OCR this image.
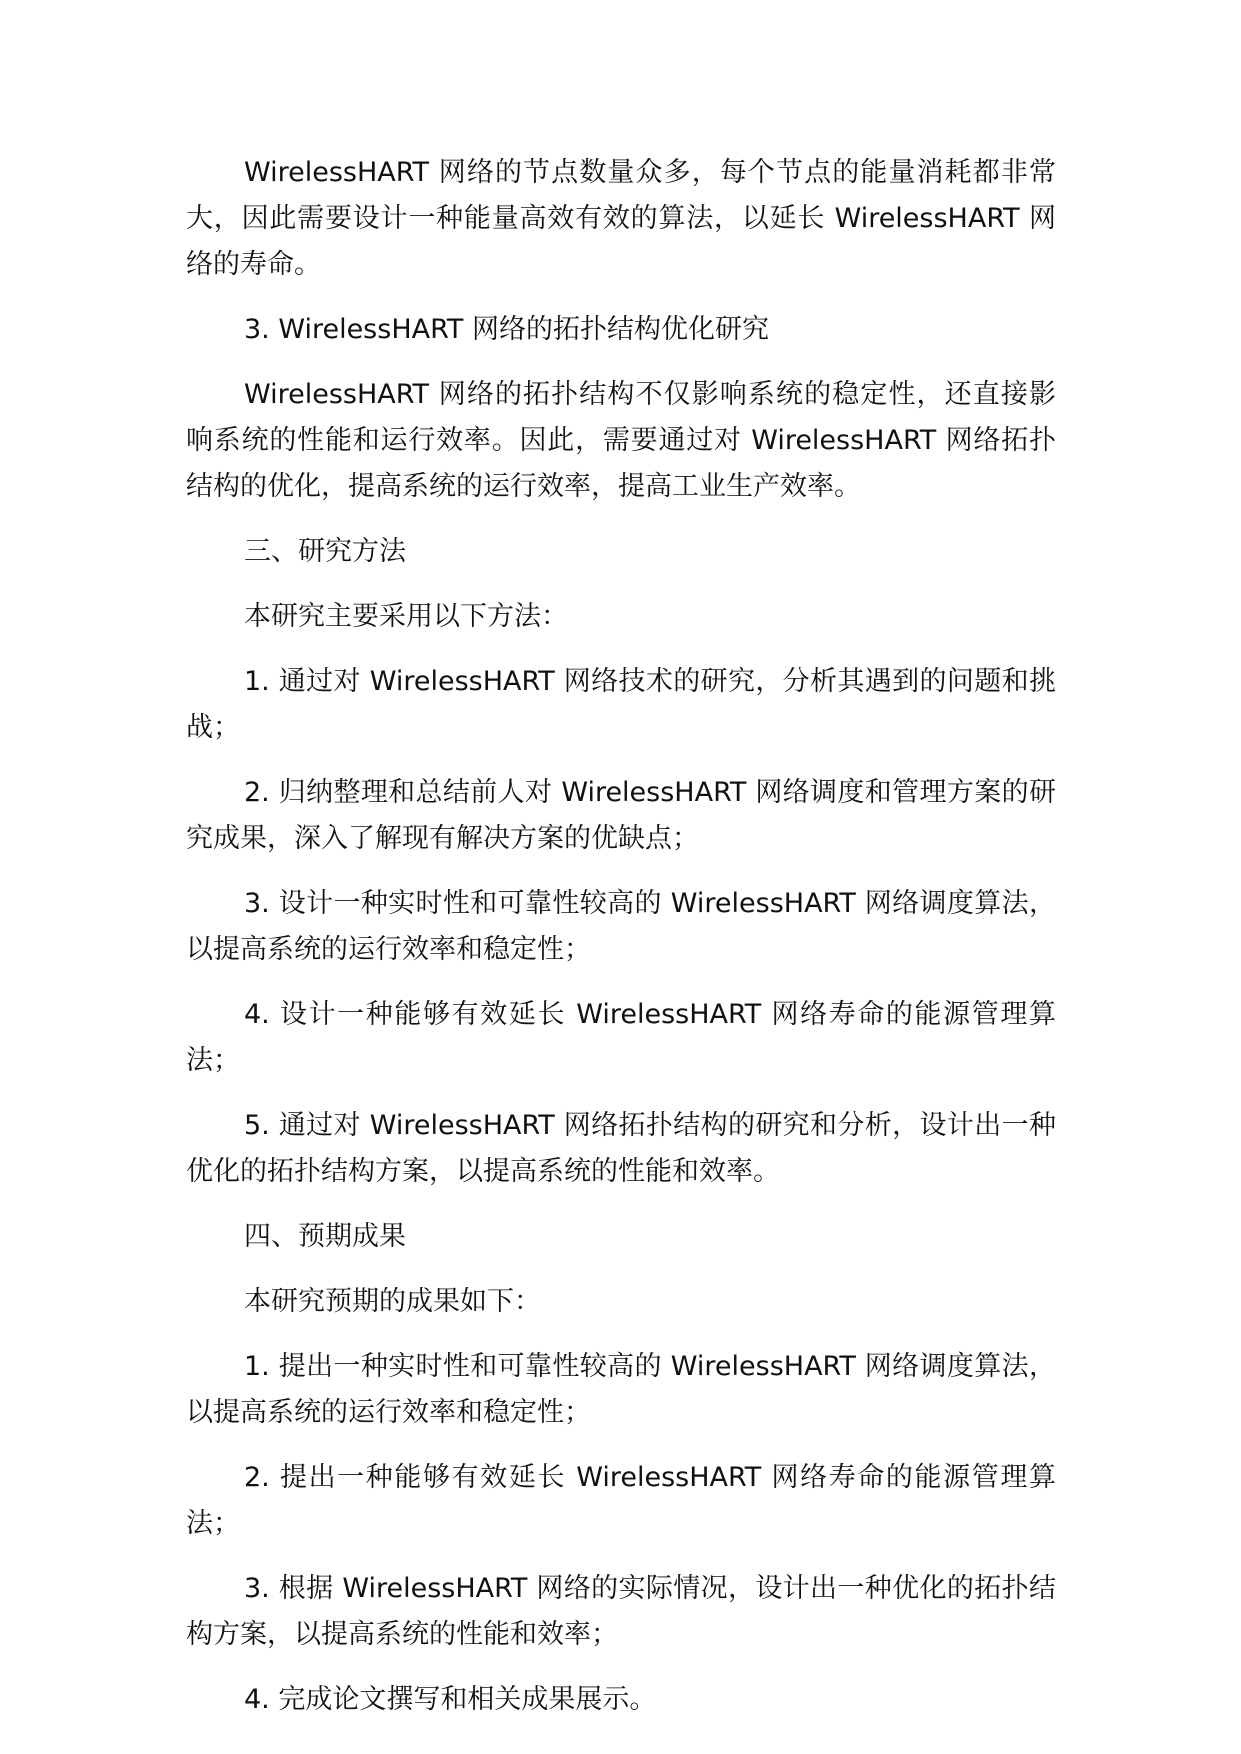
WirelessHART 网络的节点数量众多，每个节点的能量消耗都非常大，因此需要设计一种能量高效有效的算法，以延长 WirelessHART 网络的寿命。

3. WirelessHART 网络的拓扑结构优化研究

WirelessHART 网络的拓扑结构不仅影响系统的稳定性，还直接影响系统的性能和运行效率。因此，需要通过对 WirelessHART 网络拓扑结构的优化，提高系统的运行效率，提高工业生产效率。

三、研究方法

本研究主要采用以下方法：

1. 通过对 WirelessHART 网络技术的研究，分析其遇到的问题和挑战；

2. 归纳整理和总结前人对 WirelessHART 网络调度和管理方案的研究成果，深入了解现有解决方案的优缺点；

3. 设计一种实时性和可靠性较高的 WirelessHART 网络调度算法，以提高系统的运行效率和稳定性；

4. 设计一种能够有效延长 WirelessHART 网络寿命的能源管理算法；

5. 通过对 WirelessHART 网络拓扑结构的研究和分析，设计出一种优化的拓扑结构方案，以提高系统的性能和效率。

四、预期成果

本研究预期的成果如下：

1. 提出一种实时性和可靠性较高的 WirelessHART 网络调度算法，以提高系统的运行效率和稳定性；

2. 提出一种能够有效延长 WirelessHART 网络寿命的能源管理算法；

3. 根据 WirelessHART 网络的实际情况，设计出一种优化的拓扑结构方案，以提高系统的性能和效率；

4. 完成论文撰写和相关成果展示。
